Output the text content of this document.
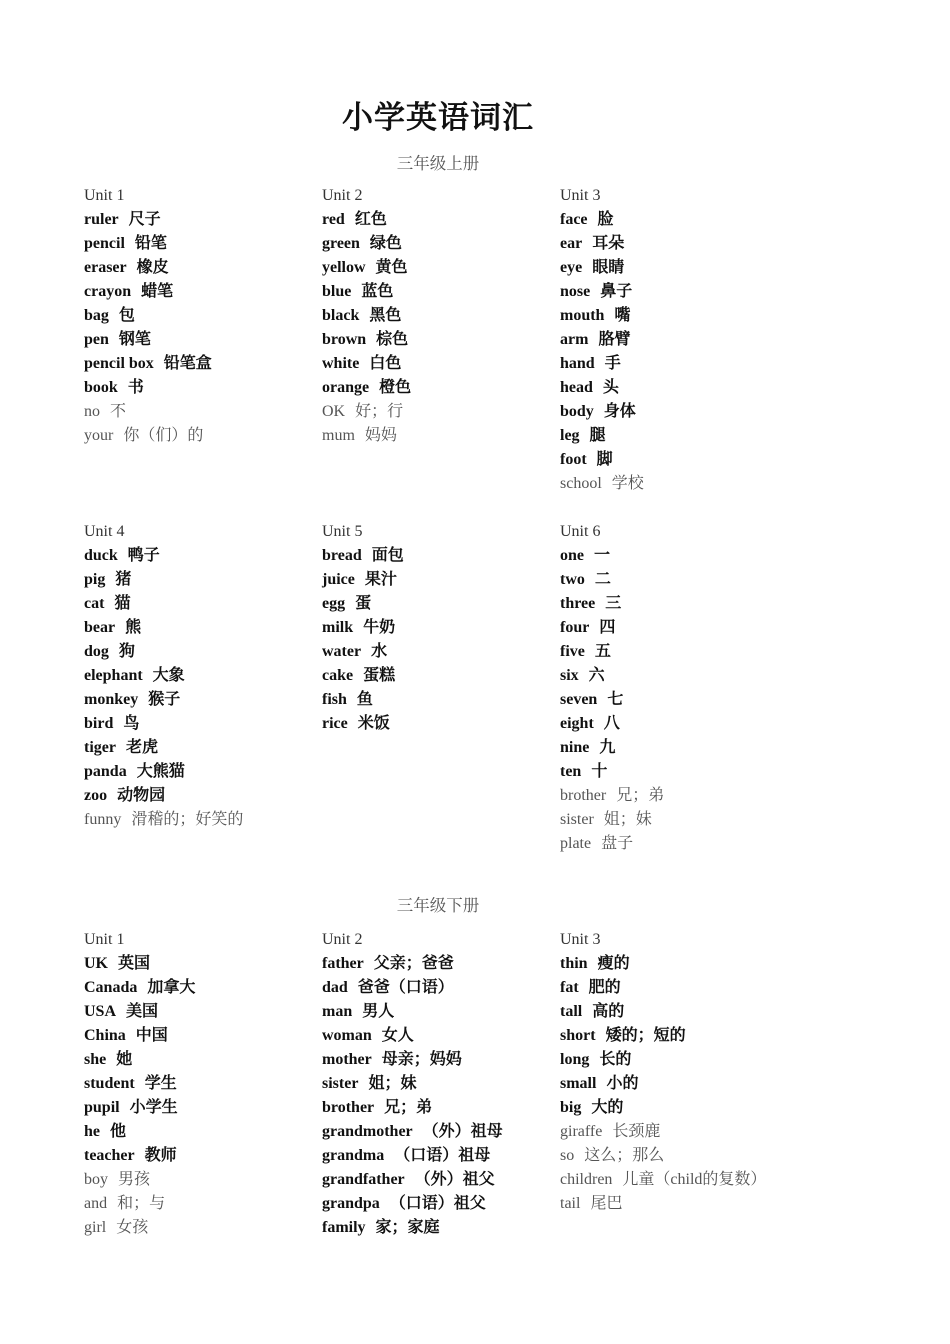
小学英语词汇
三年级上册
三年级下册
Unit 1
ruler 尺子
pencil 铅笔
eraser 橡皮
crayon 蜡笔
bag 包
pen 钢笔
pencil box 铅笔盒
book 书
no 不
your 你（们）的
Unit 2
red 红色
green 绿色
yellow 黄色
blue 蓝色
black 黑色
brown 棕色
white 白色
orange 橙色
OK 好；行
mum 妈妈
Unit 3
face 脸
ear 耳朵
eye 眼睛
nose 鼻子
mouth 嘴
arm 胳臂
hand 手
head 头
body 身体
leg 腿
foot 脚
school 学校
Unit 4
duck 鸭子
pig 猪
cat 猫
bear 熊
dog 狗
elephant 大象
monkey 猴子
bird 鸟
tiger 老虎
panda 大熊猫
zoo 动物园
funny 滑稽的；好笑的
Unit 5
bread 面包
juice 果汁
egg 蛋
milk 牛奶
water 水
cake 蛋糕
fish 鱼
rice 米饭
Unit 6
one 一
two 二
three 三
four 四
five 五
six 六
seven 七
eight 八
nine 九
ten 十
brother 兄；弟
sister 姐；妹
plate 盘子
Unit 1
UK 英国
Canada 加拿大
USA 美国
China 中国
she 她
student 学生
pupil 小学生
he 他
teacher 教师
boy 男孩
and 和；与
girl 女孩
Unit 2
father 父亲；爸爸
dad 爸爸（口语）
man 男人
woman 女人
mother 母亲；妈妈
sister 姐；妹
brother 兄；弟
grandmother （外）祖母
grandma （口语）祖母
grandfather （外）祖父
grandpa （口语）祖父
family 家；家庭
Unit 3
thin 瘦的
fat 肥的
tall 高的
short 矮的；短的
long 长的
small 小的
big 大的
giraffe 长颈鹿
so 这么；那么
children 儿童（child的复数）
tail 尾巴
